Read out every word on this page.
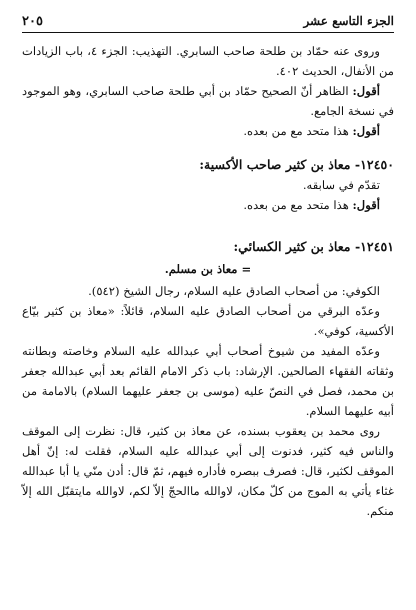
الجزء التاسع عشر
٢٠٥

وروى عنه حمّاد بن طلحة صاحب السابري. التهذيب: الجزء ٤، باب الزيادات من الأنفال، الحديث ٤٠٢.

أقول: الظاهر أنّ الصحيح حمّاد بن أبي طلحة صاحب السابري، وهو الموجود في نسخة الجامع.

أقول: هذا متحد مع من بعده.

١٢٤٥٠- معاذ بن كثير صاحب الأكسية:

تقدّم في سابقه.

أقول: هذا متحد مع من بعده.

١٢٤٥١- معاذ بن كثير الكسائي:
= معاذ بن مسلم.

الكوفي: من أصحاب الصادق عليه السلام، رجال الشيخ (٥٤٢).

وعدّه البرقي من أصحاب الصادق عليه السلام، قائلاً: «معاذ بن كثير بيّاع الأكسية، كوفي».

وعدّه المفيد من شيوخ أصحاب أبي عبدالله عليه السلام وخاصته وبطانته وثقاته الفقهاء الصالحين. الإرشاد: باب ذكر الامام القائم بعد أبي عبدالله جعفر بن محمد، فصل في النصّ عليه (موسى بن جعفر عليهما السلام) بالامامة من أبيه عليهما السلام.

روى محمد بن يعقوب بسنده، عن معاذ بن كثير، قال: نظرت إلى الموقف والناس فيه كثير، فدنوت إلى أبي عبدالله عليه السلام، فقلت له: إنّ أهل الموقف لكثير، قال: فصرف ببصره فأداره فيهم، ثمّ قال: أدن منّي يا أبا عبدالله غثاء يأتي به الموج من كلّ مكان، لاوالله ماالحجّ إلاّ لكم، لاوالله مايتقبّل الله إلاّ منكم.
